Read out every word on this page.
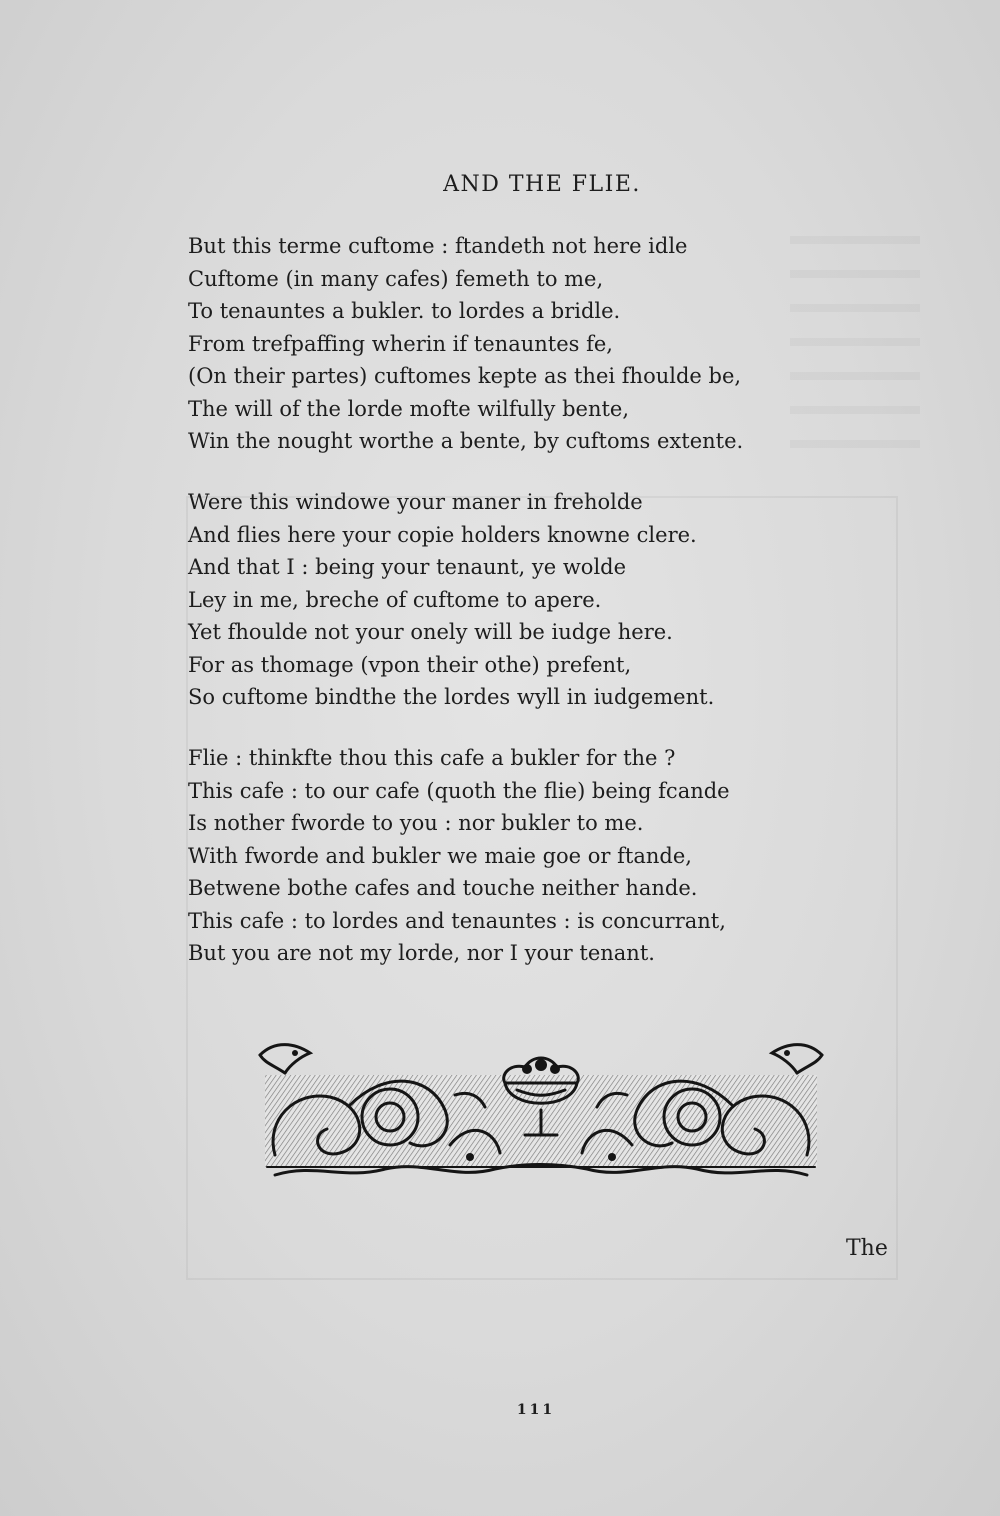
AND THE FLIE.
But this terme cuftome : ftandeth not here idle
Cuftome (in many cafes) femeth to me,
To tenauntes a bukler. to lordes a bridle.
From trefpaffing wherin if tenauntes fe,
(On their partes) cuftomes kepte as thei fhoulde be,
The will of the lorde mofte wilfully bente,
Win the nought worthe a bente, by cuftoms extente.
Were this windowe your maner in freholde
And flies here your copie holders knowne clere.
And that I : being your tenaunt, ye wolde
Ley in me, breche of cuftome to apere.
Yet fhoulde not your onely will be iudge here.
For as thomage (vpon their othe) prefent,
So cuftome bindthe the lordes wyll in iudgement.
Flie : thinkfte thou this cafe a bukler for the ?
This cafe : to our cafe (quoth the flie) being fcande
Is nother fworde to you : nor bukler to me.
With fworde and bukler we maie goe or ftande,
Betwene bothe cafes and touche neither hande.
This cafe : to lordes and tenauntes : is concurrant,
But you are not my lorde, nor I your tenant.
The
111
